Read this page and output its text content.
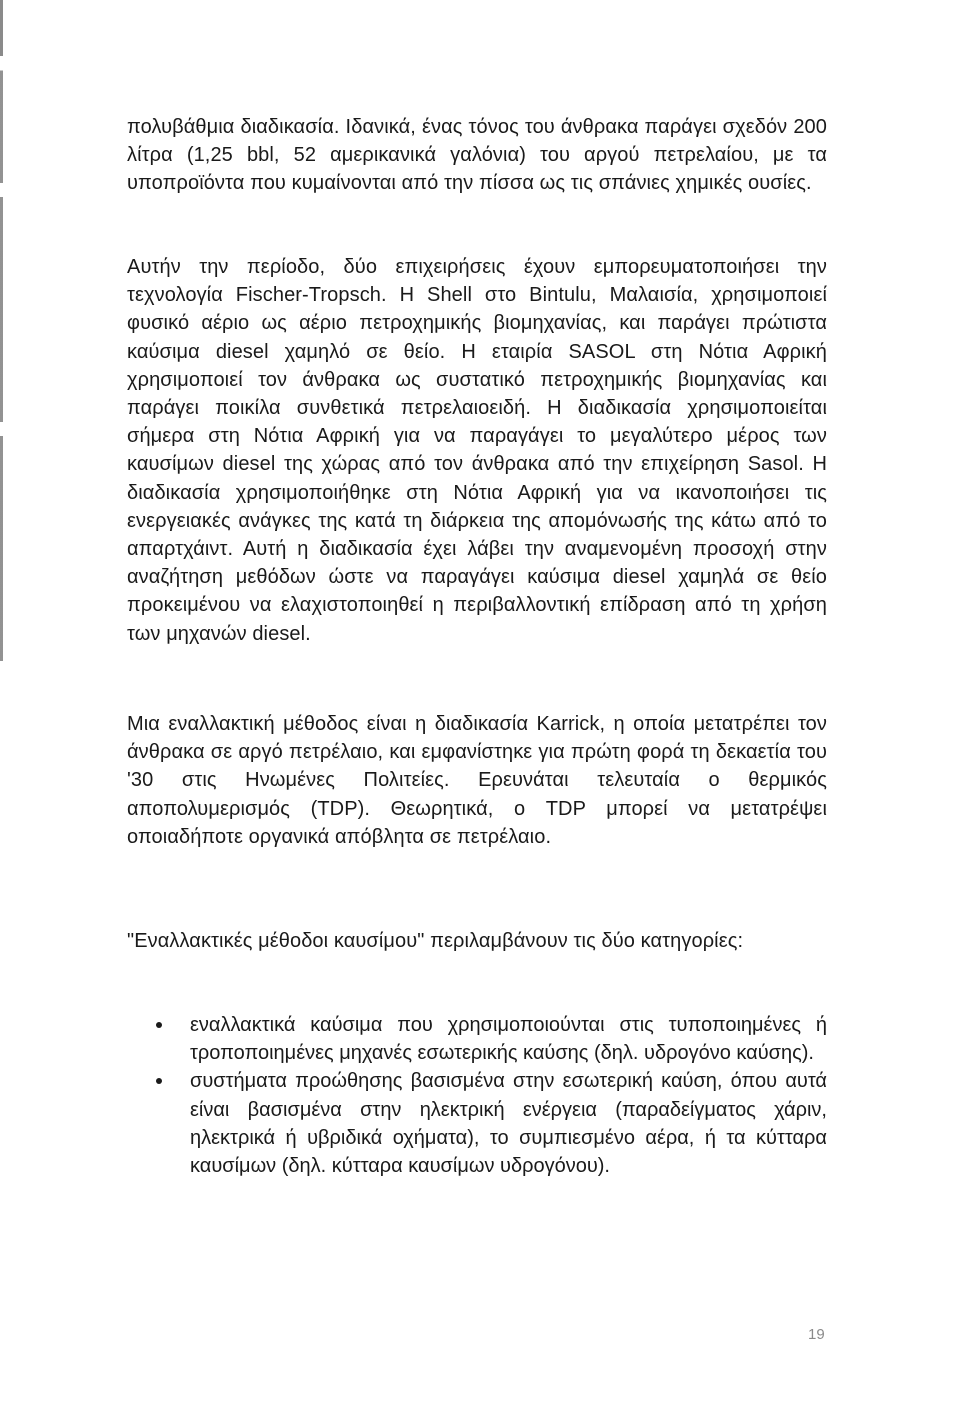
πολυβάθμια διαδικασία. Ιδανικά, ένας τόνος του άνθρακα παράγει σχεδόν 200 λίτρα (1,25 bbl, 52 αμερικανικά γαλόνια) του αργού πετρελαίου, με τα υποπροϊόντα που κυμαίνονται από την πίσσα ως τις σπάνιες χημικές ουσίες.

Αυτήν την περίοδο, δύο επιχειρήσεις έχουν εμπορευματοποιήσει την τεχνολογία Fischer-Tropsch. Η Shell στο Bintulu, Μαλαισία, χρησιμοποιεί φυσικό αέριο ως αέριο πετροχημικής βιομηχανίας, και παράγει πρώτιστα καύσιμα diesel χαμηλό σε θείο. Η εταιρία SASOL στη Νότια Αφρική χρησιμοποιεί τον άνθρακα ως συστατικό πετροχημικής βιομηχανίας και παράγει ποικίλα συνθετικά πετρελαιοειδή. Η διαδικασία χρησιμοποιείται σήμερα στη Νότια Αφρική για να παραγάγει το μεγαλύτερο μέρος των καυσίμων diesel της χώρας από τον άνθρακα από την επιχείρηση Sasol. Η διαδικασία χρησιμοποιήθηκε στη Νότια Αφρική για να ικανοποιήσει τις ενεργειακές ανάγκες της κατά τη διάρκεια της απομόνωσής της κάτω από το απαρτχάιντ. Αυτή η διαδικασία έχει λάβει την αναμενομένη προσοχή στην αναζήτηση μεθόδων ώστε να παραγάγει καύσιμα diesel χαμηλά σε θείο προκειμένου να ελαχιστοποιηθεί η περιβαλλοντική επίδραση από τη χρήση των μηχανών diesel.

Μια εναλλακτική μέθοδος είναι η διαδικασία Karrick, η οποία μετατρέπει τον άνθρακα σε αργό πετρέλαιο, και εμφανίστηκε για πρώτη φορά τη δεκαετία του '30 στις Ηνωμένες Πολιτείες. Ερευνάται τελευταία ο θερμικός αποπολυμερισμός (TDP). Θεωρητικά, ο TDP μπορεί να μετατρέψει οποιαδήποτε οργανικά απόβλητα σε πετρέλαιο.

"Εναλλακτικές μέθοδοι καυσίμου" περιλαμβάνουν τις δύο κατηγορίες:

εναλλακτικά καύσιμα που χρησιμοποιούνται στις τυποποιημένες ή τροποποιημένες μηχανές εσωτερικής καύσης (δηλ. υδρογόνο καύσης).
συστήματα προώθησης βασισμένα στην εσωτερική καύση, όπου αυτά είναι βασισμένα στην ηλεκτρική ενέργεια (παραδείγματος χάριν, ηλεκτρικά ή υβριδικά οχήματα), το συμπιεσμένο αέρα, ή τα κύτταρα καυσίμων (δηλ. κύτταρα καυσίμων υδρογόνου).
19
